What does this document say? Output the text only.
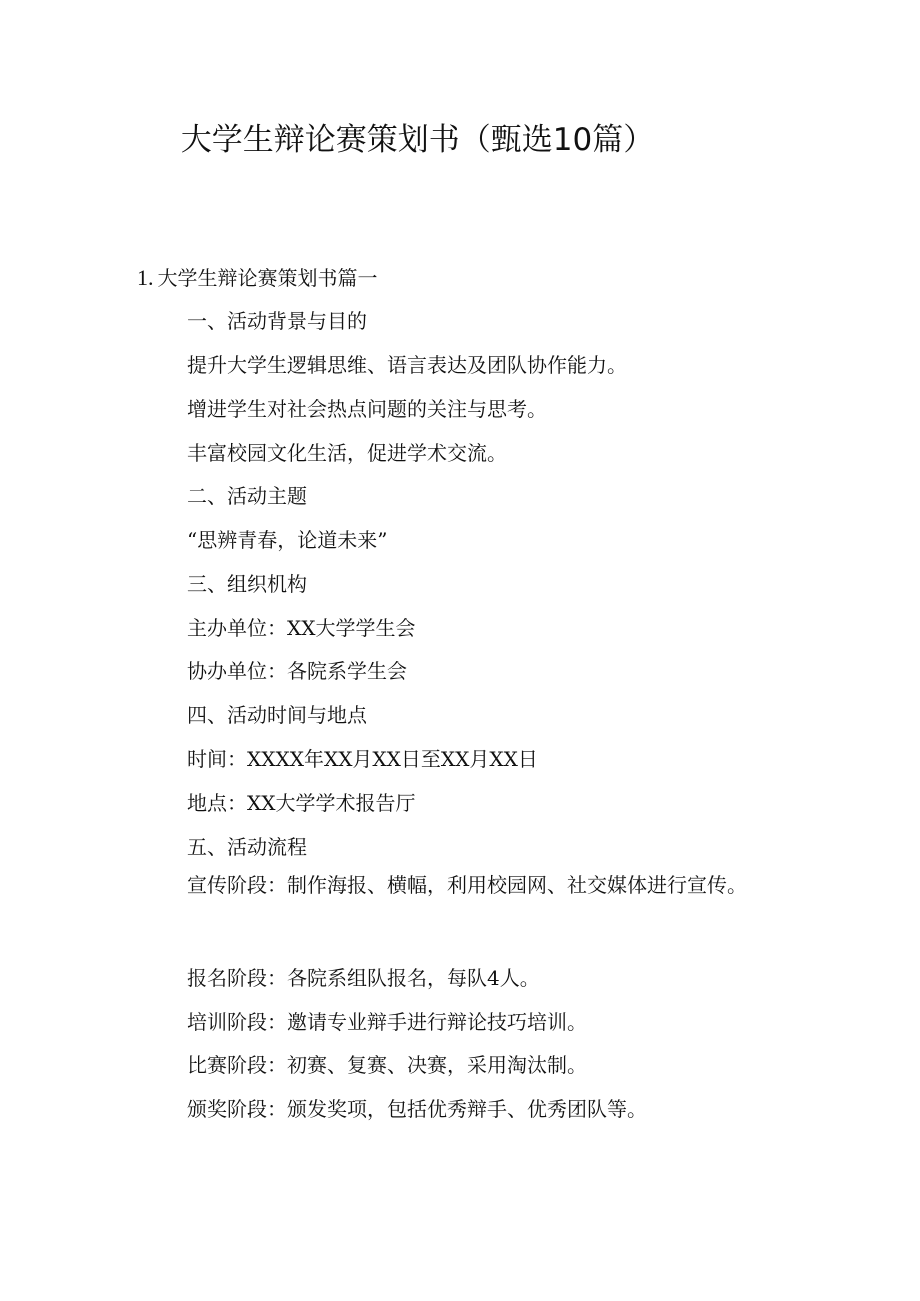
大学生辩论赛策划书（甄选10篇）
1. 大学生辩论赛策划书篇一
一、活动背景与目的
提升大学生逻辑思维、语言表达及团队协作能力。
增进学生对社会热点问题的关注与思考。
丰富校园文化生活，促进学术交流。
二、活动主题
“思辨青春，论道未来”
三、组织机构
主办单位：XX大学学生会
协办单位：各院系学生会
四、活动时间与地点
时间：XXXX年XX月XX日至XX月XX日
地点：XX大学学术报告厅
五、活动流程
宣传阶段：制作海报、横幅，利用校园网、社交媒体进行宣传。
报名阶段：各院系组队报名，每队4人。
培训阶段：邀请专业辩手进行辩论技巧培训。
比赛阶段：初赛、复赛、决赛，采用淘汰制。
颁奖阶段：颁发奖项，包括优秀辩手、优秀团队等。
